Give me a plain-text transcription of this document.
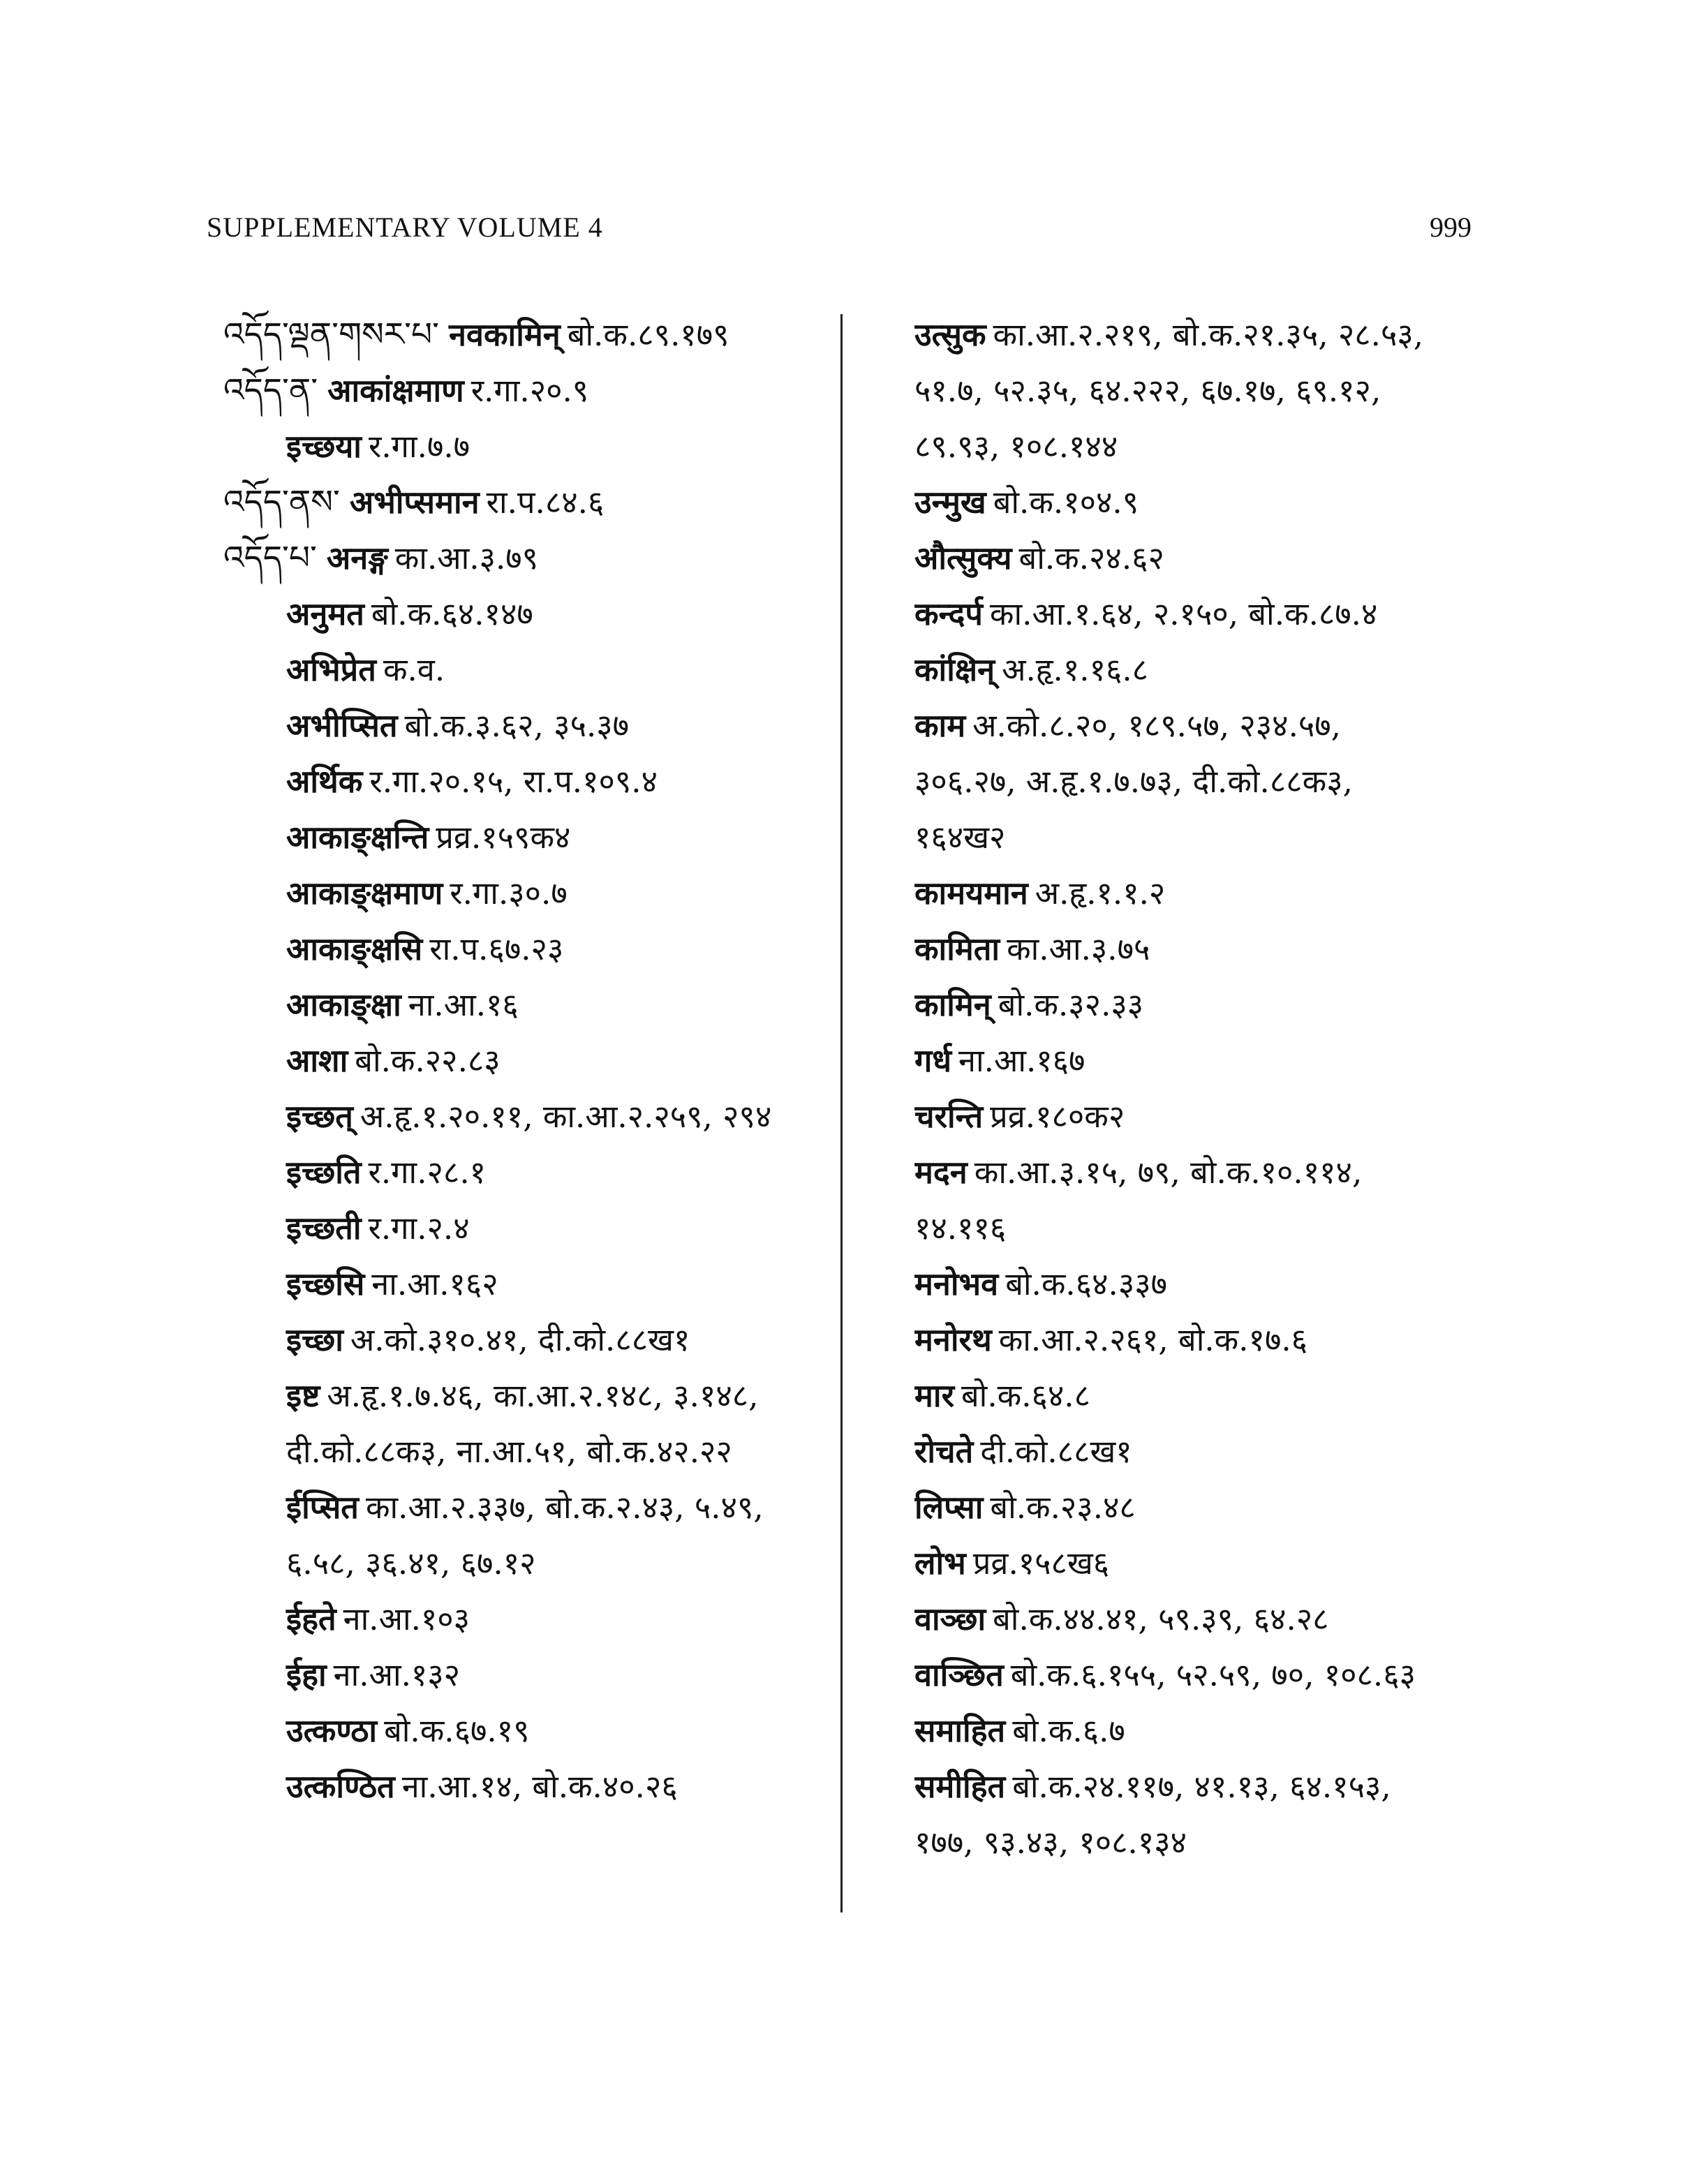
SUPPLEMENTARY VOLUME 4	999
འདོད་ལྡན་གསར་པ་ नवकामिन् बो.क.८९.१७९
འདོད་ན་ आकांक्षमाण र.गा.२०.९
इच्छया र.गा.७.७
འདོད་ནས་ अभीप्समान रा.प.८४.६
འདོད་པ་ अनङ्ग का.आ.३.७९
अनुमत बो.क.६४.१४७
अभिप्रेत क.व.
अभीप्सित बो.क.३.६२, ३५.३७
अर्थिक र.गा.२०.१५, रा.प.१०९.४
आकाङ्क्षन्ति प्रव्र.१५९क४
आकाङ्क्षमाण र.गा.३०.७
आकाङ्क्षसि रा.प.६७.२३
आकाङ्क्षा ना.आ.१६
आशा बो.क.२२.८३
इच्छत् अ.हृ.१.२०.११, का.आ.२.२५९, २९४
इच्छति र.गा.२८.१
इच्छती र.गा.२.४
इच्छसि ना.आ.१६२
इच्छा अ.को.३१०.४१, दी.को.८८ख१
इष्ट अ.हृ.१.७.४६, का.आ.२.१४८, ३.१४८,
दी.को.८८क३, ना.आ.५१, बो.क.४२.२२
ईप्सित का.आ.२.३३७, बो.क.२.४३, ५.४९,
६.५८, ३६.४१, ६७.१२
ईहते ना.आ.१०३
ईहा ना.आ.१३२
उत्कण्ठा बो.क.६७.१९
उत्कण्ठित ना.आ.१४, बो.क.४०.२६
उत्सुक का.आ.२.२१९, बो.क.२१.३५, २८.५३,
५१.७, ५२.३५, ६४.२२२, ६७.१७, ६९.१२,
८९.९३, १०८.१४४
उन्मुख बो.क.१०४.९
औत्सुक्य बो.क.२४.६२
कन्दर्प का.आ.१.६४, २.१५०, बो.क.८७.४
कांक्षिन् अ.हृ.१.१६.८
काम अ.को.८.२०, १८९.५७, २३४.५७,
३०६.२७, अ.हृ.१.७.७३, दी.को.८८क३,
१६४ख२
कामयमान अ.हृ.१.१.२
कामिता का.आ.३.७५
कामिन् बो.क.३२.३३
गर्ध ना.आ.१६७
चरन्ति प्रव्र.१८०क२
मदन का.आ.३.१५, ७९, बो.क.१०.११४,
१४.११६
मनोभव बो.क.६४.३३७
मनोरथ का.आ.२.२६१, बो.क.१७.६
मार बो.क.६४.८
रोचते दी.को.८८ख१
लिप्सा बो.क.२३.४८
लोभ प्रव्र.१५८ख६
वाञ्छा बो.क.४४.४१, ५९.३९, ६४.२८
वाञ्छित बो.क.६.१५५, ५२.५९, ७०, १०८.६३
समाहित बो.क.६.७
समीहित बो.क.२४.११७, ४१.१३, ६४.१५३,
१७७, ९३.४३, १०८.१३४
